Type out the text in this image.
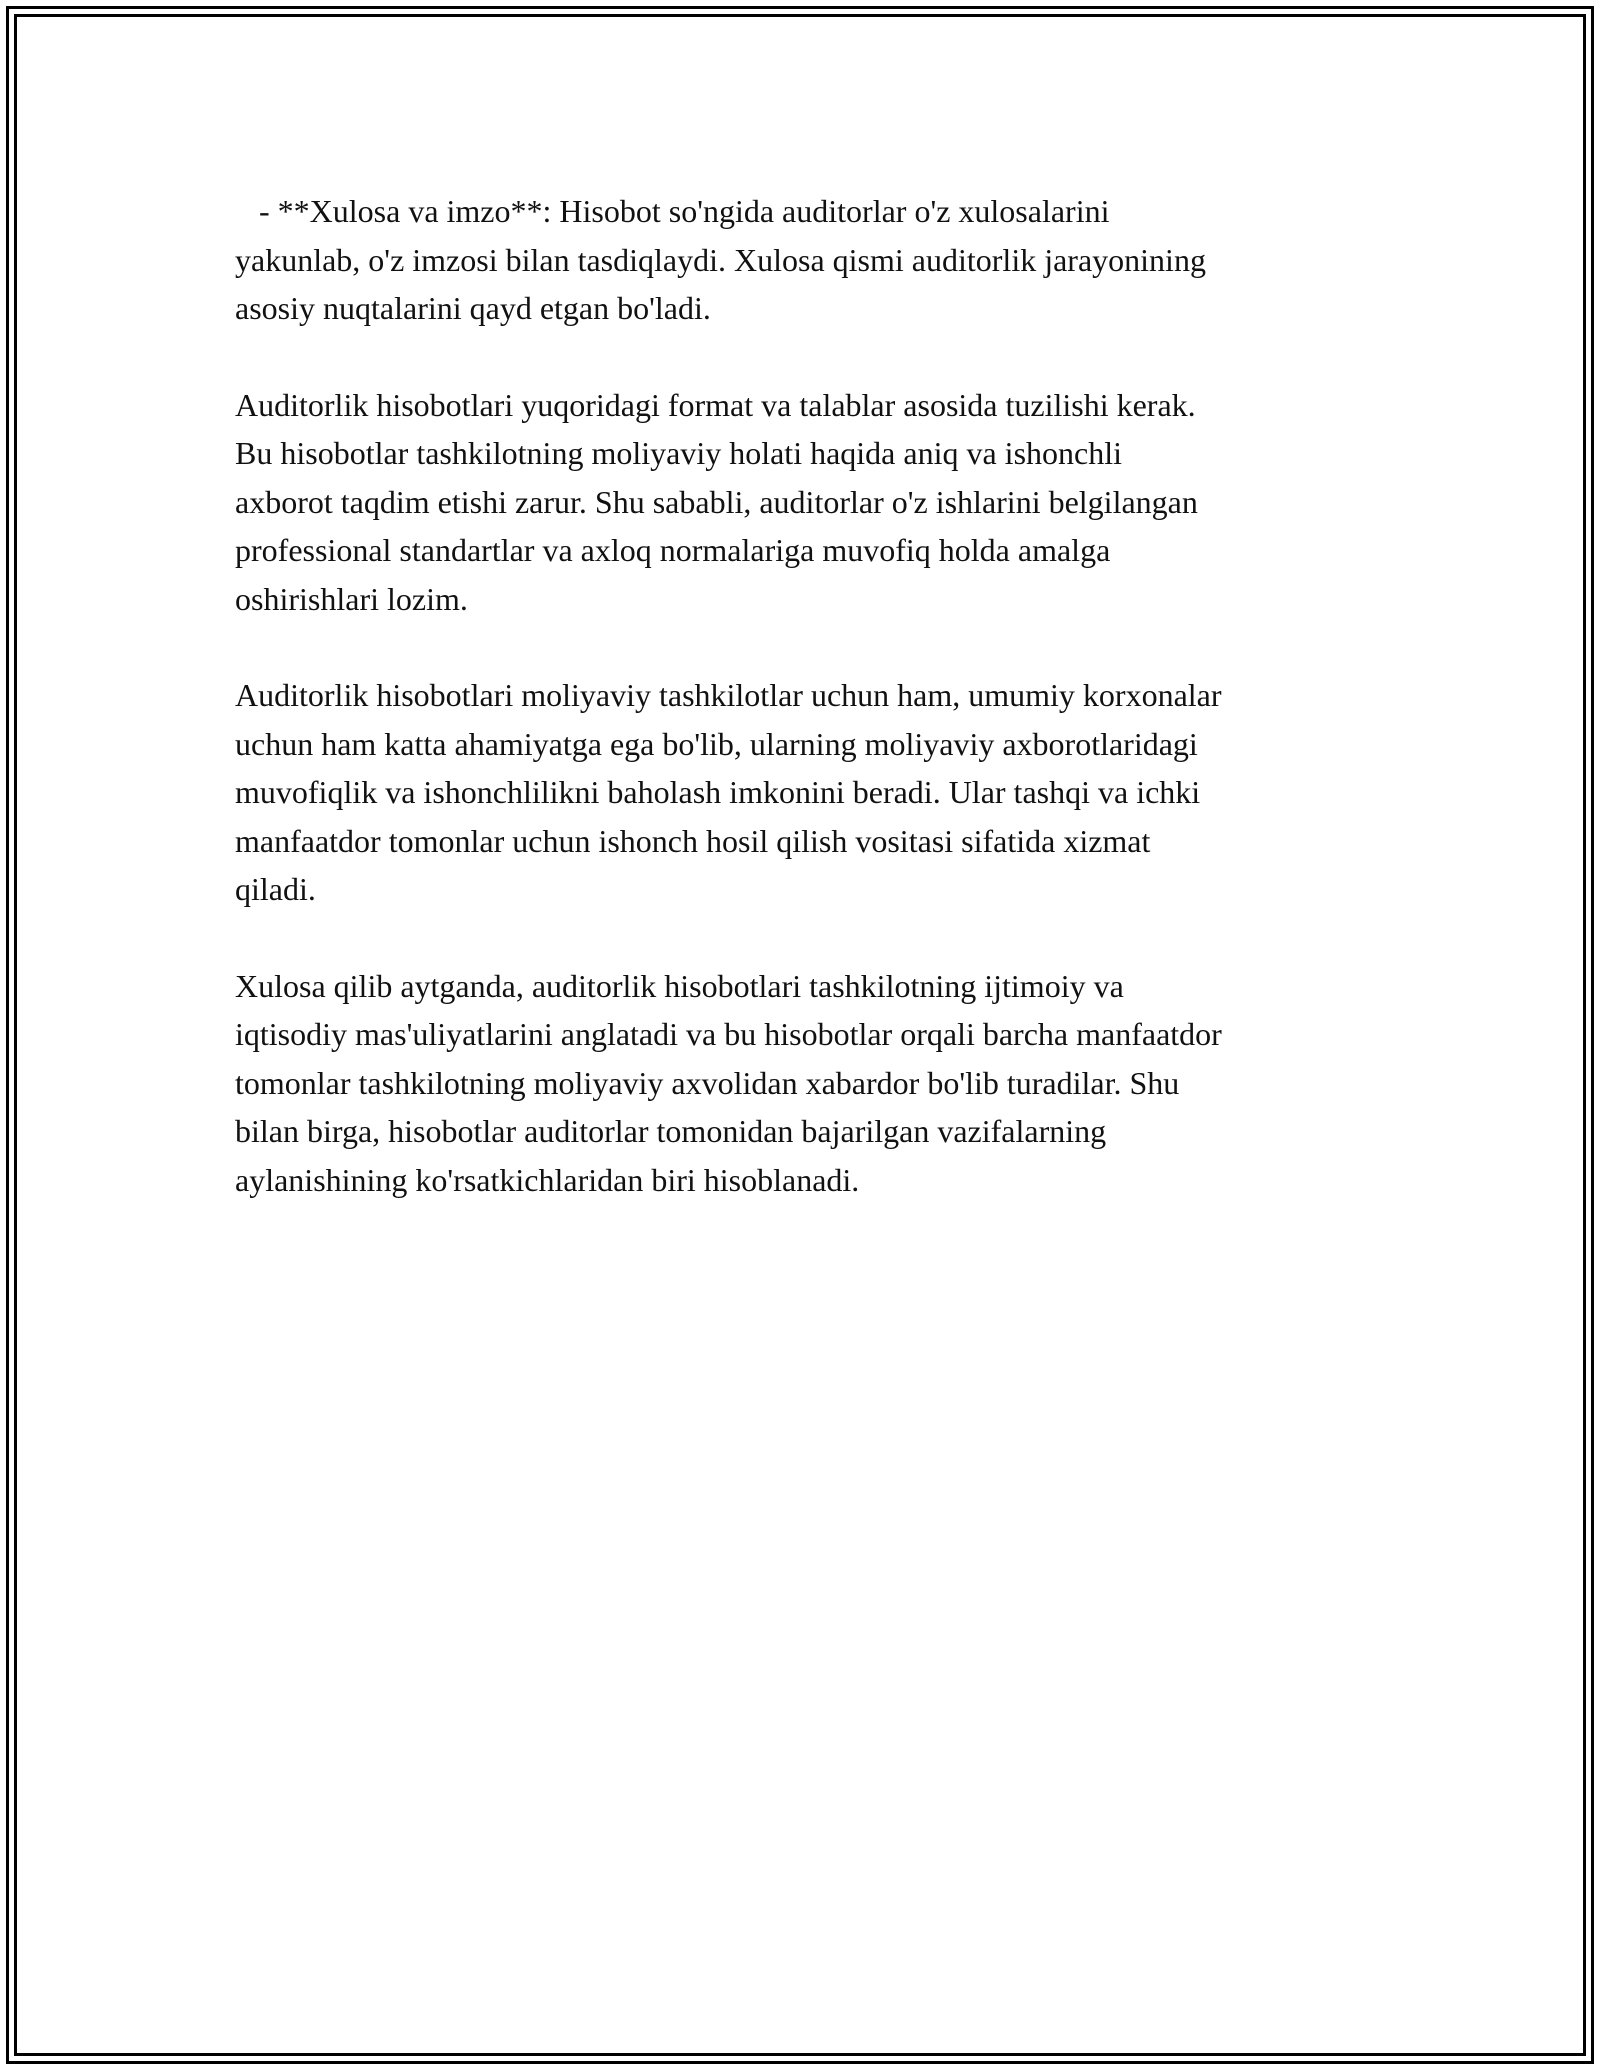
- **Xulosa va imzo**: Hisobot so'ngida auditorlar o'z xulosalarini
yakunlab, o'z imzosi bilan tasdiqlaydi. Xulosa qismi auditorlik jarayonining
asosiy nuqtalarini qayd etgan bo'ladi.

Auditorlik hisobotlari yuqoridagi format va talablar asosida tuzilishi kerak.
Bu hisobotlar tashkilotning moliyaviy holati haqida aniq va ishonchli
axborot taqdim etishi zarur. Shu sababli, auditorlar o'z ishlarini belgilangan
professional standartlar va axloq normalariga muvofiq holda amalga
oshirishlari lozim.

Auditorlik hisobotlari moliyaviy tashkilotlar uchun ham, umumiy korxonalar
uchun ham katta ahamiyatga ega bo'lib, ularning moliyaviy axborotlaridagi
muvofiqlik va ishonchlilikni baholash imkonini beradi. Ular tashqi va ichki
manfaatdor tomonlar uchun ishonch hosil qilish vositasi sifatida xizmat
qiladi.

Xulosa qilib aytganda, auditorlik hisobotlari tashkilotning ijtimoiy va
iqtisodiy mas'uliyatlarini anglatadi va bu hisobotlar orqali barcha manfaatdor
tomonlar tashkilotning moliyaviy axvolidan xabardor bo'lib turadilar. Shu
bilan birga, hisobotlar auditorlar tomonidan bajarilgan vazifalarning
aylanishining ko'rsatkichlaridan biri hisoblanadi.
